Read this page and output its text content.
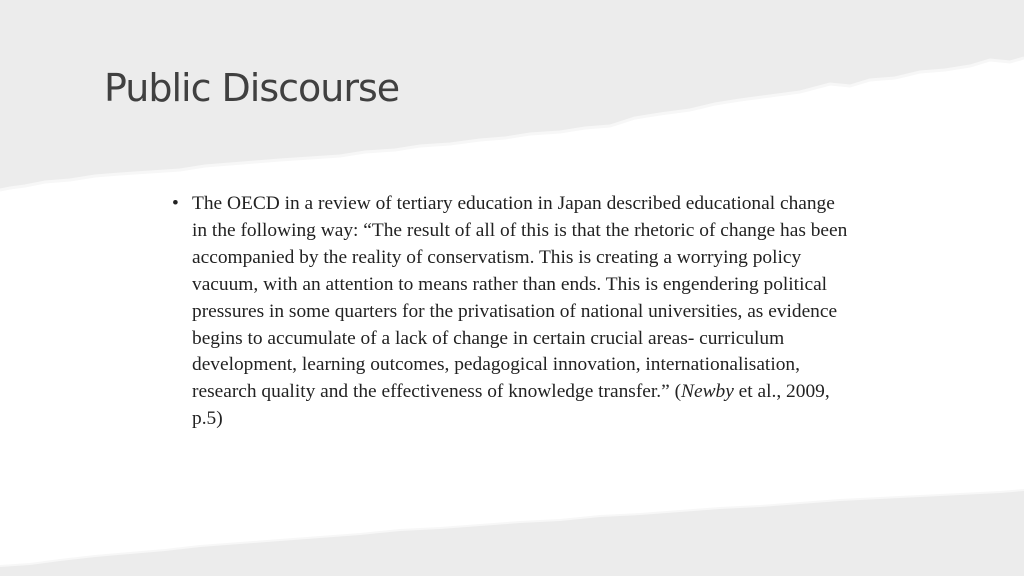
Public Discourse
• The OECD in a review of tertiary education in Japan described educational change in the following way: “The result of all of this is that the rhetoric of change has been accompanied by the reality of conservatism. This is creating a worrying policy vacuum, with an attention to means rather than ends. This is engendering political pressures in some quarters for the privatisation of national universities, as evidence begins to accumulate of a lack of change in certain crucial areas- curriculum development, learning outcomes, pedagogical innovation, internationalisation, research quality and the effectiveness of knowledge transfer.” (Newby et al., 2009, p.5)
